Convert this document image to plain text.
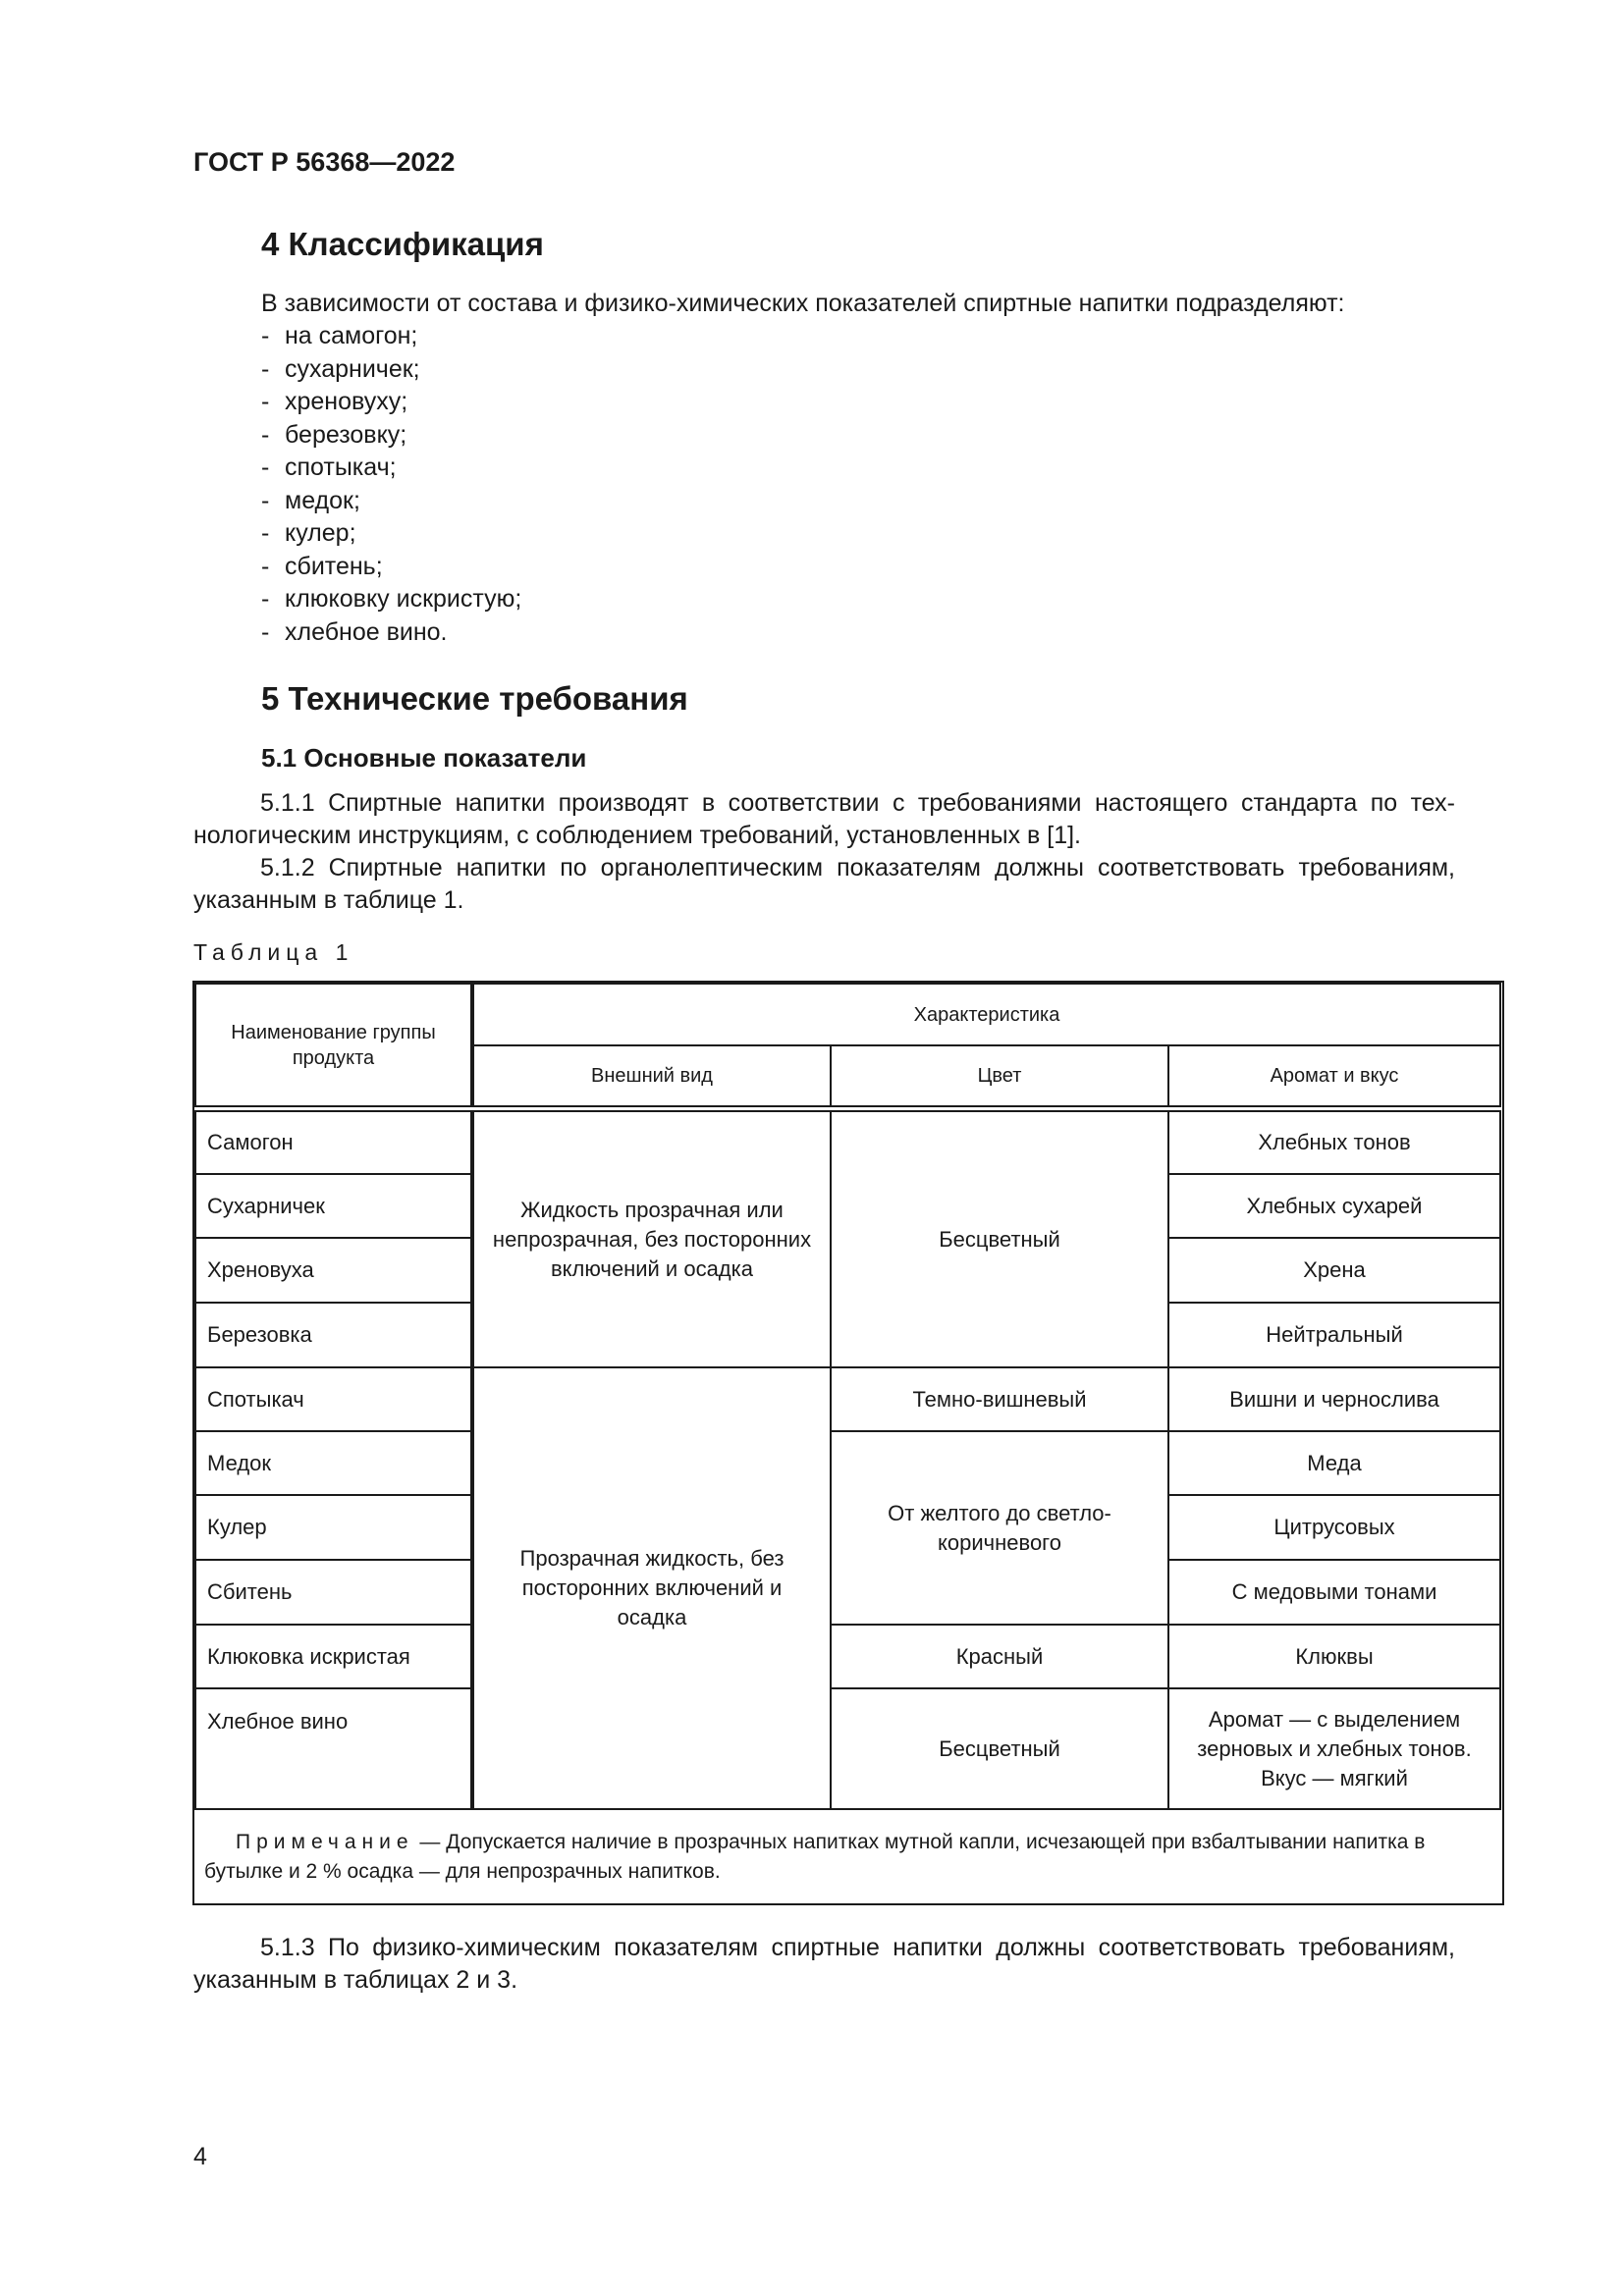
ГОСТ Р 56368—2022
4 Классификация
В зависимости от состава и физико-химических показателей спиртные напитки подразделяют:
- на самогон;
- сухарничек;
- хреновуху;
- березовку;
- спотыкач;
- медок;
- кулер;
- сбитень;
- клюковку искристую;
- хлебное вино.
5 Технические требования
5.1 Основные показатели
5.1.1 Спиртные напитки производят в соответствии с требованиями настоящего стандарта по технологическим инструкциям, с соблюдением требований, установленных в [1].
5.1.2 Спиртные напитки по органолептическим показателям должны соответствовать требованиям, указанным в таблице 1.
Таблица 1
Наименование группы продукта
Характеристика
Внешний вид	Цвет	Аромат и вкус
Самогон
Сухарничек
Хреновуха
Березовка
Спотыкач
Медок
Кулер
Сбитень
Клюковка искристая
Хлебное вино
Жидкость прозрачная или непрозрачная, без посторонних включений и осадка
Прозрачная жидкость, без посторонних включений и осадка
Бесцветный
Темно-вишневый
От желтого до светло-коричневого
Красный
Бесцветный
Хлебных тонов
Хлебных сухарей
Хрена
Нейтральный
Вишни и чернослива
Меда
Цитрусовых
С медовыми тонами
Клюквы
Аромат — с выделением зерновых и хлебных тонов. Вкус — мягкий
Примечание — Допускается наличие в прозрачных напитках мутной капли, исчезающей при взбалтывании напитка в бутылке и 2 % осадка — для непрозрачных напитков.
5.1.3 По физико-химическим показателям спиртные напитки должны соответствовать требованиям, указанным в таблицах 2 и 3.
4
